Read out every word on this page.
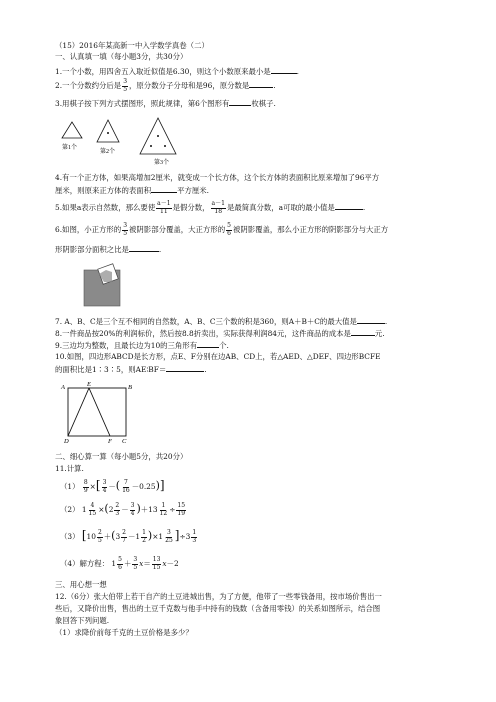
（15）2016年某高新一中入学数学真卷（二）
一、认真填一填（每小题3分，共30分）
1.一个小数，用四舍五入取近似值是6.30，则这个小数原来最小是	.
2.一个分数约分后是 $\frac{3}{5}$ ，原分数分子分母和是96，原分数是	.
3.用棋子按下列方式摆图形，照此规律，第6个图形有	枚棋子.
第1个
第2个
第3个
4.有一个正方体，如果高增加2厘米，就变成一个长方体，这个长方体的表面积比原来增加了96平方
厘米，则原来正方体的表面积	平方厘米.
5.如果a表示自然数，那么要使 $\frac{a-1}{11}$ 是假分数， $\frac{a-1}{18}$ 是最简真分数，a可取的最小值是	.
6.如图，小正方形的 $\frac{3}{5}$ 被阴影部分覆盖，大正方形的 $\frac{5}{6}$ 被阴影覆盖，那么小正方形的阴影部分与大正方
形阴影部分面积之比是	.
7. A、B、C是三个互不相同的自然数，A、B、C三个数的积是360，则A＋B＋C的最大值是	.
8.一件商品按20%的利润标价，然后按8.8折卖出，实际获得利润84元，这件商品的成本是	元.
9.三边均为整数，且最长边为10的三角形有	个.
10.如图，四边形ABCD是长方形，点E、F分别在边AB、CD上，若△AED、△DEF、四边形BCFE
的面积比是1∶3∶5，则AE∶BF＝	.
A	E	B
D	F C
二、细心算一算（每小题5分，共20分）
11.计算.
$(1) \frac{8}{9}$ ×[ $\frac{3}{4}$ －( $\frac{7}{16} -0.25$)]
（2） $1 \frac{4}{15} \times(2 \frac{2}{3} - \frac{3}{4} )+13 \frac{1}{12} \div \frac{15}{19}$
（3） $[10 \frac{2}{5} +(3 \frac{2}{7} -1 \frac{1}{2} )\times 1 \frac{3}{25} ]\div 3 \frac{1}{3}$
（4）解方程： $1 \frac{5}{6} + \frac{3}{5} x= \frac{13}{15} x-2$
三、用心想一想
12.（6分）张大伯带上若干自产的土豆进城出售，为了方便，他带了一些零钱备用，按市场价售出一
些后，又降价出售，售出的土豆千克数与他手中持有的钱数（含备用零钱）的关系如图所示，结合图
象回答下列问题.
（1）求降价前每千克的土豆价格是多少？
